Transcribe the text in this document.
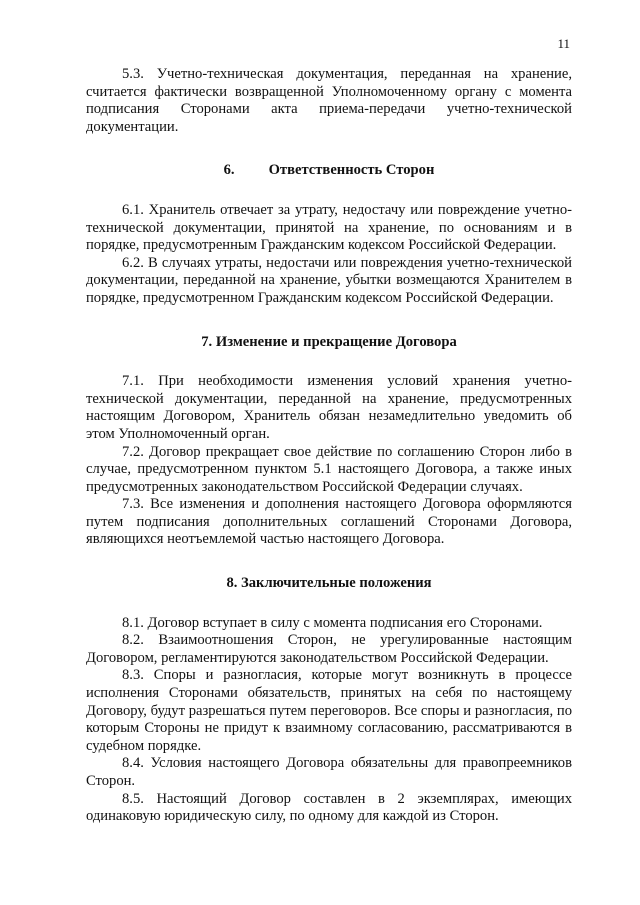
11

5.3. Учетно-техническая документация, переданная на хранение, считается фактически возвращенной Уполномоченному органу с момента подписания Сторонами акта приема-передачи учетно-технической документации.

6. Ответственность Сторон

6.1. Хранитель отвечает за утрату, недостачу или повреждение учетно-технической документации, принятой на хранение, по основаниям и в порядке, предусмотренным Гражданским кодексом Российской Федерации.

6.2. В случаях утраты, недостачи или повреждения учетно-технической документации, переданной на хранение, убытки возмещаются Хранителем в порядке, предусмотренном Гражданским кодексом Российской Федерации.

7. Изменение и прекращение Договора

7.1. При необходимости изменения условий хранения учетно-технической документации, переданной на хранение, предусмотренных настоящим Договором, Хранитель обязан незамедлительно уведомить об этом Уполномоченный орган.

7.2. Договор прекращает свое действие по соглашению Сторон либо в случае, предусмотренном пунктом 5.1 настоящего Договора, а также иных предусмотренных законодательством Российской Федерации случаях.

7.3. Все изменения и дополнения настоящего Договора оформляются путем подписания дополнительных соглашений Сторонами Договора, являющихся неотъемлемой частью настоящего Договора.

8. Заключительные положения

8.1. Договор вступает в силу с момента подписания его Сторонами.

8.2. Взаимоотношения Сторон, не урегулированные настоящим Договором, регламентируются законодательством Российской Федерации.

8.3. Споры и разногласия, которые могут возникнуть в процессе исполнения Сторонами обязательств, принятых на себя по настоящему Договору, будут разрешаться путем переговоров. Все споры и разногласия, по которым Стороны не придут к взаимному согласованию, рассматриваются в судебном порядке.

8.4. Условия настоящего Договора обязательны для правопреемников Сторон.

8.5. Настоящий Договор составлен в 2 экземплярах, имеющих одинаковую юридическую силу, по одному для каждой из Сторон.
